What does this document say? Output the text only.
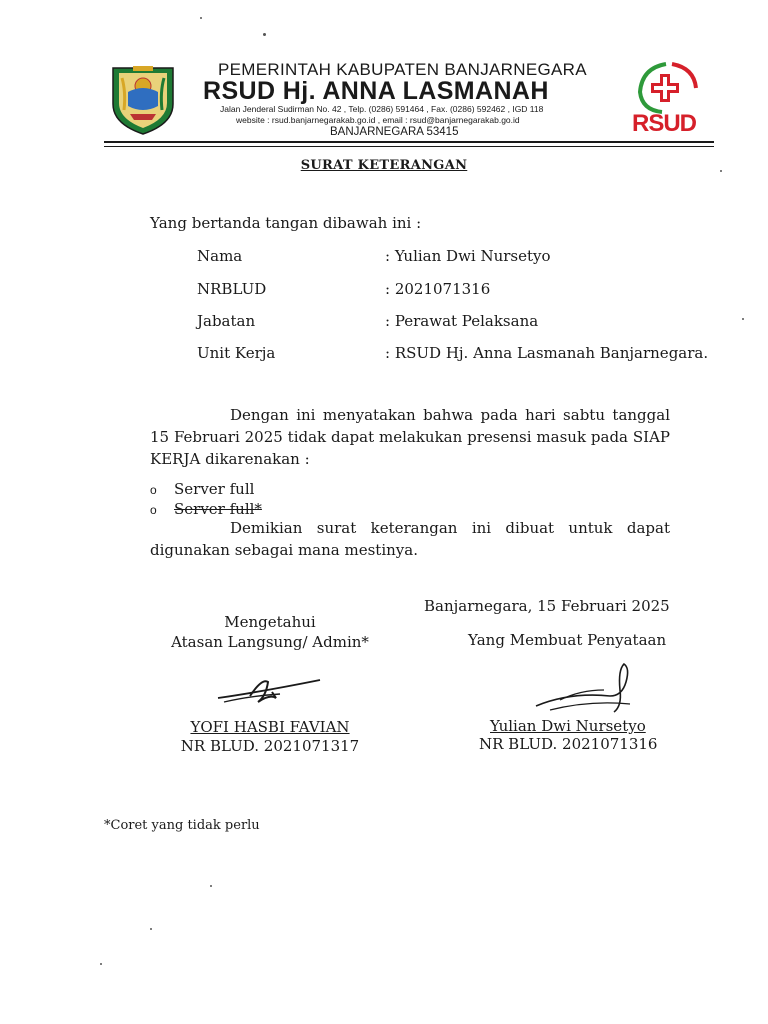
PEMERINTAH KABUPATEN BANJARNEGARA
RSUD Hj. ANNA LASMANAH
Jalan Jenderal Sudirman No. 42 , Telp. (0286) 591464 , Fax. (0286) 592462 , IGD 118
website : rsud.banjarnegarakab.go.id , email : rsud@banjarnegarakab.go.id
BANJARNEGARA 53415	RSUD
SURAT KETERANGAN
Yang bertanda tangan dibawah ini :
Nama	: Yulian Dwi Nursetyo
NRBLUD	: 2021071316
Jabatan	: Perawat Pelaksana
Unit Kerja	: RSUD Hj. Anna Lasmanah Banjarnegara.
Dengan ini menyatakan bahwa pada hari sabtu tanggal 15 Februari 2025 tidak dapat melakukan presensi masuk pada SIAP KERJA dikarenakan :
o Server full
o Server full*
Demikian surat keterangan ini dibuat untuk dapat digunakan sebagai mana mestinya.
Banjarnegara, 15 Februari 2025
Mengetahui
Atasan Langsung/ Admin*
YOFI HASBI FAVIAN
NR BLUD. 2021071317
Yang Membuat Penyataan
Yulian Dwi Nursetyo
NR BLUD. 2021071316
*Coret yang tidak perlu
